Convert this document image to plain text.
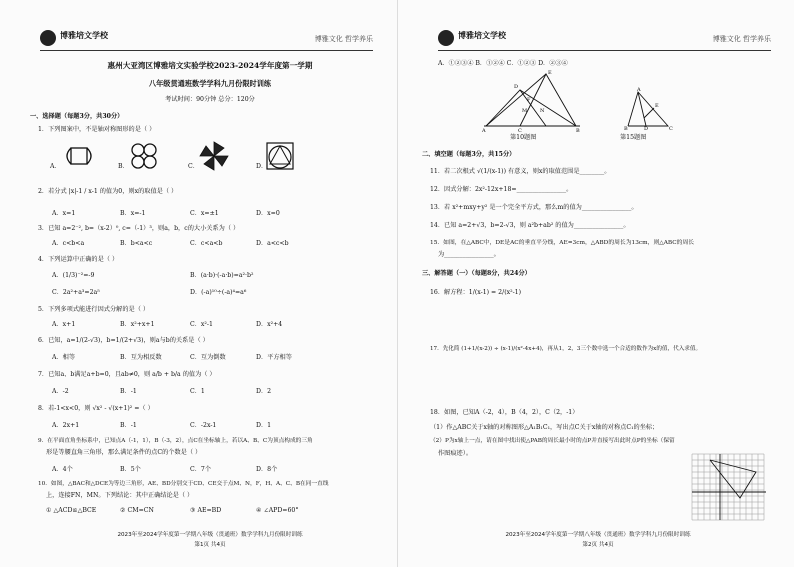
博雅培文学校	博雅文化 哲学养乐
惠州大亚湾区博雅培文实验学校2023-2024学年度第一学期
八年级贯通班数学学科九月份限时训练
考试时间：90分钟 总分：120分
一、选择题（每题3分，共30分）
1．下列图案中，不是轴对称图形的是（ ）
A．	B．	C．	D．
2．若分式 |x|-1 / x-1 的值为0，则x的取值是（ ）
A．x=1	B．x=-1	C．x=±1	D．x=0
3．已知 a=2⁻², b=（x-2）⁰, c=（-1）³，则a，b，c的大小关系为（ ）
A．c<b<a	B．b<a<c	C．c<a<b	D．a<c<b
4．下列运算中正确的是（ ）
A．(1/3)⁻²=-9	B．(a·b)·(-a·b)=a²·b²
C．2a²+a³=2a⁵	D．(-a)¹⁰÷(-a)⁴=a⁶
5．下列多项式能进行因式分解的是（ ）
A．x+1	B．x²+x+1	C．x²-1	D．x²+4
6．已知，a=1/(2-√3)，b=1/(2+√3)，则a与b的关系是（ ）
A．相等	B．互为相反数	C．互为倒数	D．平方相等
7．已知a、b满足a+b=0，且ab≠0，则 a/b + b/a 的值为（ ）
A．-2	B．-1	C．1	D．2
8．若-1<x<0，则 √x² - √(x+1)² =（ ）
A．2x+1	B．-1	C．-2x-1	D．1
9．在平面直角坐标系中，已知点A（-1，1），B（-3，2），点C在坐标轴上，若以A、B、C为顶点构成的三角
形是等腰直角三角形，那么满足条件的点C的个数是（ ）
A．4个	B．5个	C．7个	D．8个
10．如图，△BAC和△DCE为等边三角形，AE、BD分别交于CD、CE交于点M、N，F，H、A、C、B在同一直线
上，连接FN，MN。下列结论：其中正确结论是（ ）
① △ACD≌△BCE	② CM=CN	③ AE=BD	④ ∠APD=60°
2023年至2024学年度第一学期八年级（贯通班）数学学科九月份限时训练
第1页 共4页
博雅培文学校	博雅文化 哲学养乐
A．①②③④ B．①②④ C．①②③ D．②③④
A	B
C
D
E
F
M	N
第10题图
A
B	C
D
E
第15题图
二、填空题（每题3分，共15分）
11．若二次根式 √(1/(x-1)) 有意义，则x的取值范围是________。
12．因式分解：2x²-12x+18=________________。
13．若 x²+mxy+y² 是一个完全平方式，那么m的值为________________。
14．已知 a=2+√3，b=2-√3，则 a²b+ab² 的值为________________。
15．如图，在△ABC中，DE是AC的垂直平分线，AE=3cm，△ABD的周长为13cm，则△ABC的周长
为________________。
三、解答题（一）（每题8分，共24分）
16．解方程：1/(x-1) = 2/(x²-1)
17．先化简 (1+1/(x-2)) ÷ (x-1)/(x²-4x+4)，再从1，2，3三个数中选一个合适的数作为x的值，代入求值。
18．如图，已知A（-2，4），B（4，2），C（2，-1）
（1）作△ABC关于x轴的对称图形△A₁B₁C₁，写出点C关于x轴的对称点C₁的坐标；
（2）P为x轴上一点，请在图中找出使△PAB的周长最小时的点P并直接写出此时点P的坐标（保留
作图痕迹）。
2023年至2024学年度第一学期八年级（贯通班）数学学科九月份限时训练
第2页 共4页
